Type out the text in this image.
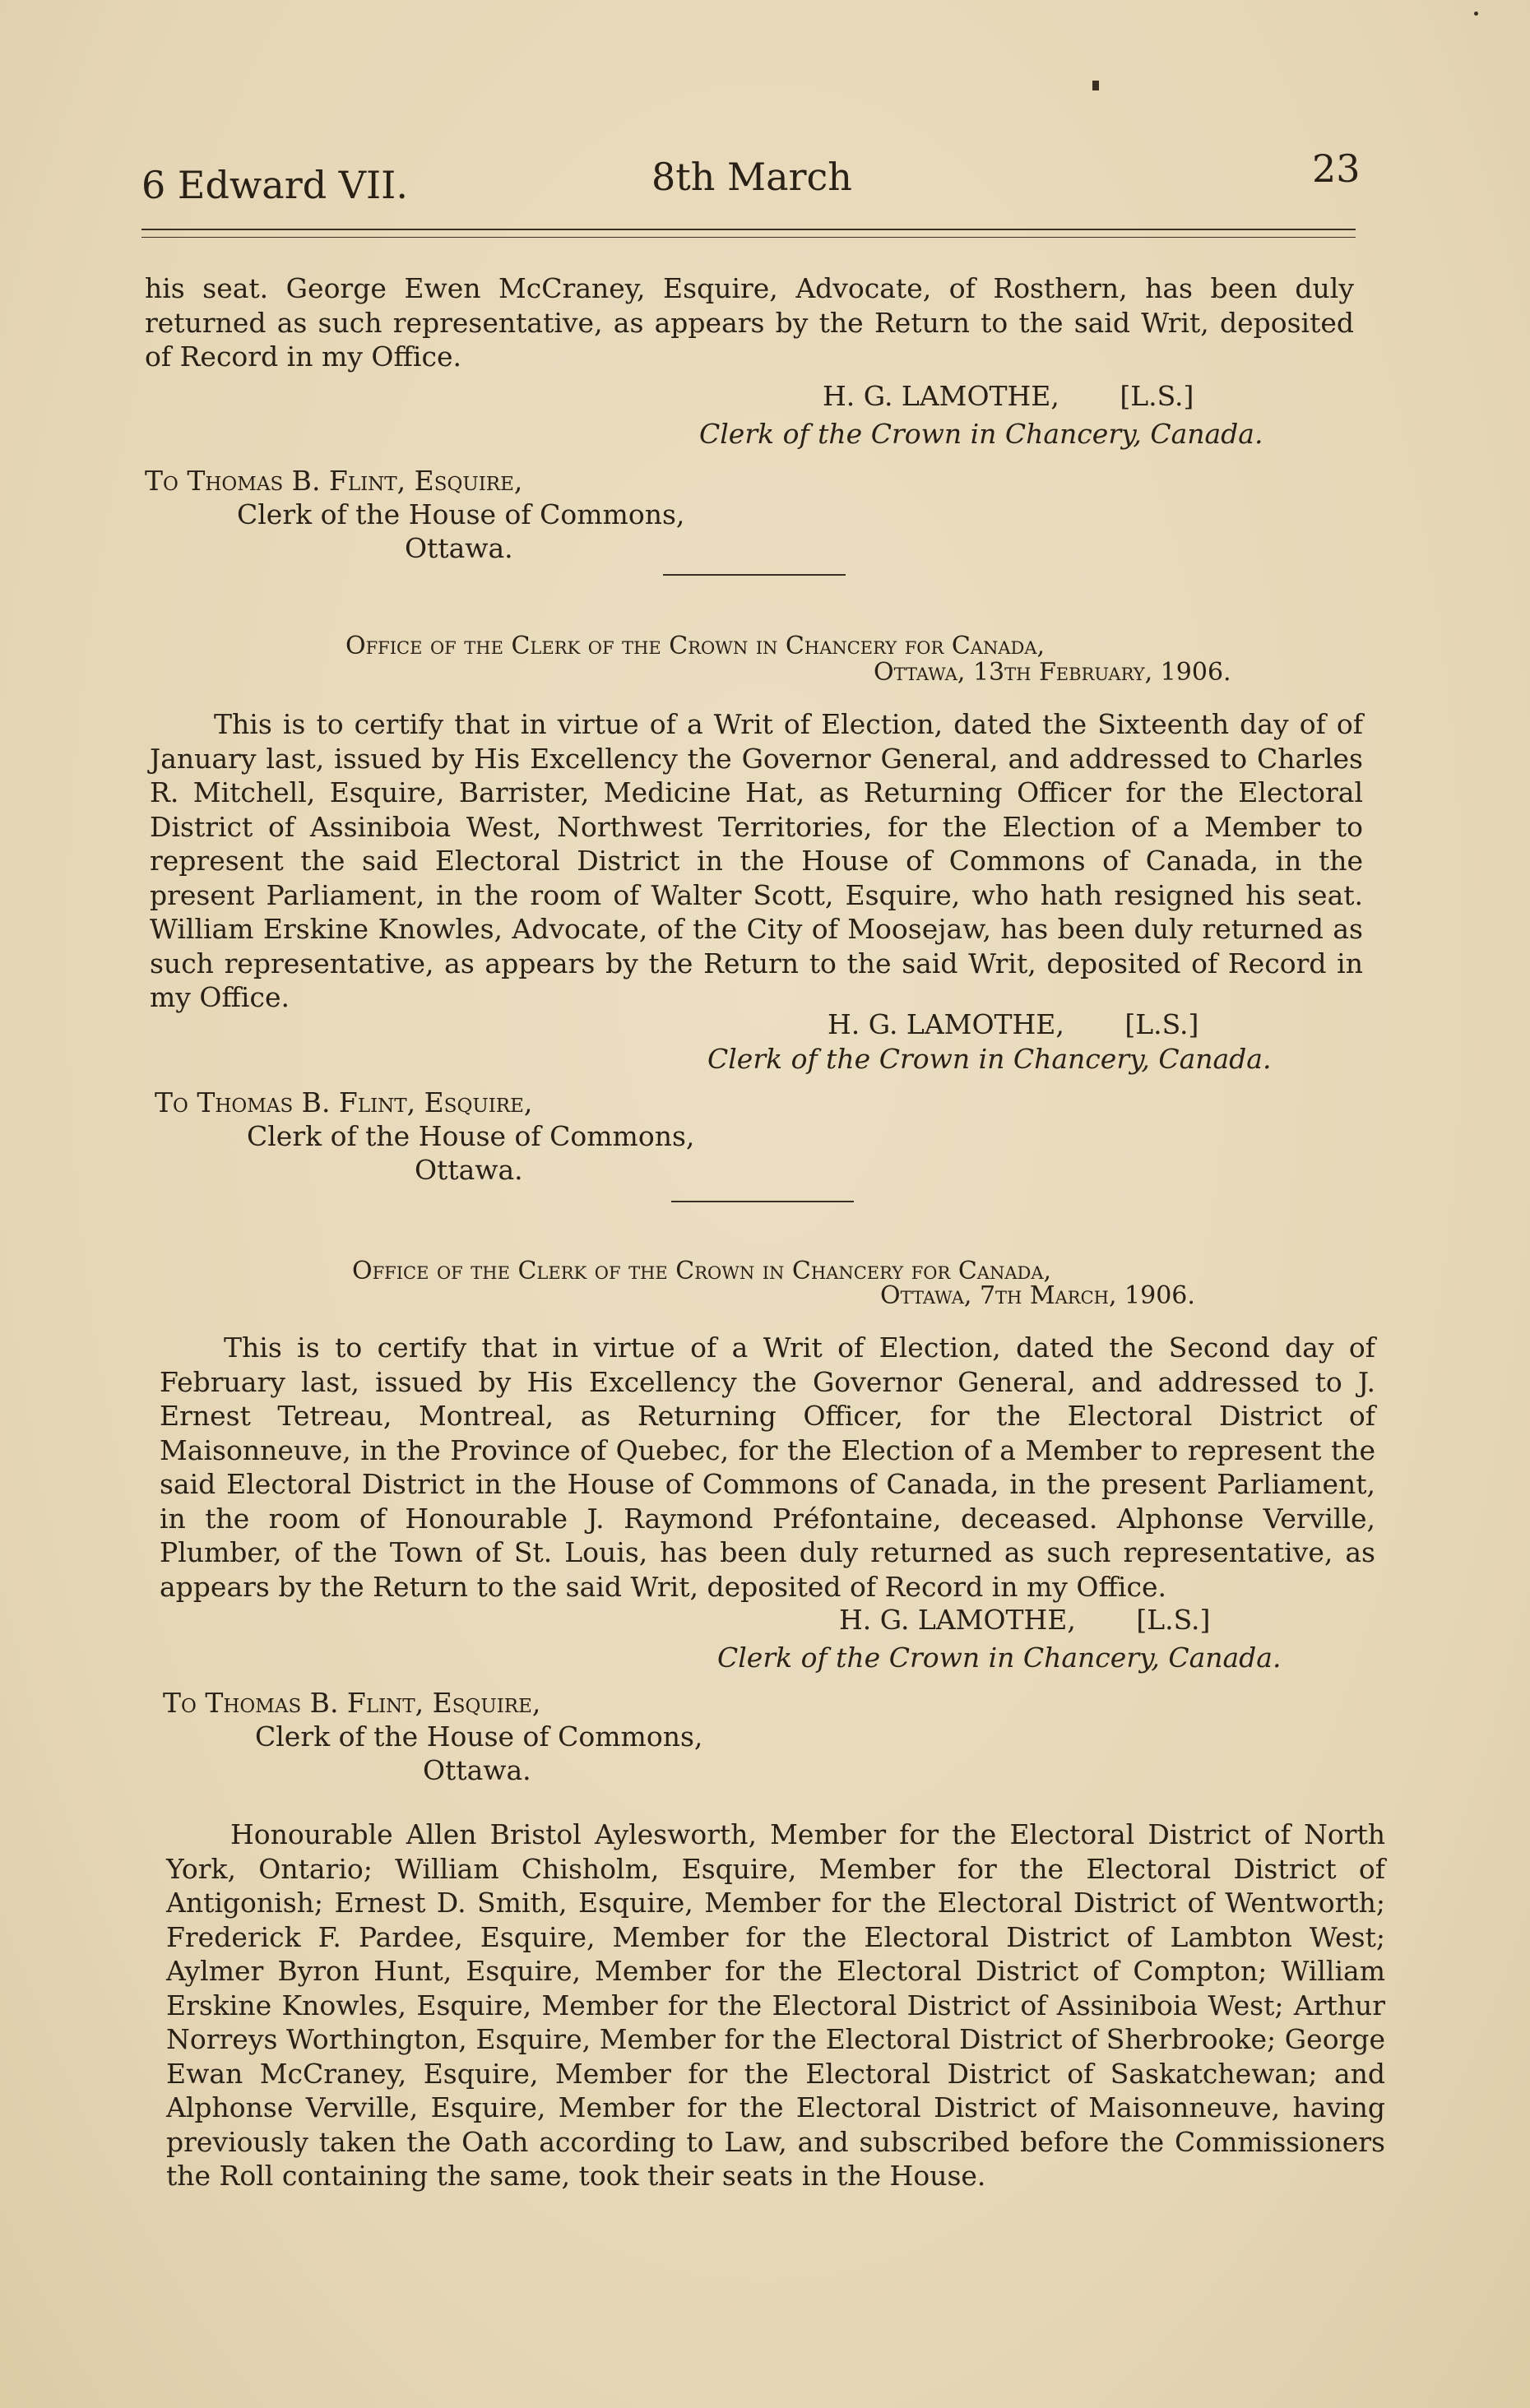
6 Edward VII.	8th March	23

his seat. George Ewen McCraney, Esquire, Advocate, of Rosthern, has been duly returned as such representative, as appears by the Return to the said Writ, deposited of Record in my Office.

H. G. LAMOTHE, [L.S.]
Clerk of the Crown in Chancery, Canada.
To Thomas B. Flint, Esquire,
Clerk of the House of Commons,
Ottawa.
Office of the Clerk of the Crown in Chancery for Canada,
Ottawa, 13th February, 1906.

This is to certify that in virtue of a Writ of Election, dated the Sixteenth day of of January last, issued by His Excellency the Governor General, and addressed to Charles R. Mitchell, Esquire, Barrister, Medicine Hat, as Returning Officer for the Electoral District of Assiniboia West, Northwest Territories, for the Election of a Member to represent the said Electoral District in the House of Commons of Canada, in the present Parliament, in the room of Walter Scott, Esquire, who hath resigned his seat. William Erskine Knowles, Advocate, of the City of Moosejaw, has been duly returned as such representative, as appears by the Return to the said Writ, deposited of Record in my Office.

H. G. LAMOTHE, [L.S.]
Clerk of the Crown in Chancery, Canada.
To Thomas B. Flint, Esquire,
Clerk of the House of Commons,
Ottawa.
Office of the Clerk of the Crown in Chancery for Canada,
Ottawa, 7th March, 1906.

This is to certify that in virtue of a Writ of Election, dated the Second day of February last, issued by His Excellency the Governor General, and addressed to J. Ernest Tetreau, Montreal, as Returning Officer, for the Electoral District of Maisonneuve, in the Province of Quebec, for the Election of a Member to represent the said Electoral District in the House of Commons of Canada, in the present Parliament, in the room of Honourable J. Raymond Préfontaine, deceased. Alphonse Verville, Plumber, of the Town of St. Louis, has been duly returned as such representative, as appears by the Return to the said Writ, deposited of Record in my Office.

H. G. LAMOTHE, [L.S.]
Clerk of the Crown in Chancery, Canada.
To Thomas B. Flint, Esquire,
Clerk of the House of Commons,
Ottawa.

Honourable Allen Bristol Aylesworth, Member for the Electoral District of North York, Ontario; William Chisholm, Esquire, Member for the Electoral District of Antigonish; Ernest D. Smith, Esquire, Member for the Electoral District of Wentworth; Frederick F. Pardee, Esquire, Member for the Electoral District of Lambton West; Aylmer Byron Hunt, Esquire, Member for the Electoral District of Compton; William Erskine Knowles, Esquire, Member for the Electoral District of Assiniboia West; Arthur Norreys Worthington, Esquire, Member for the Electoral District of Sherbrooke; George Ewan McCraney, Esquire, Member for the Electoral District of Saskatchewan; and Alphonse Verville, Esquire, Member for the Electoral District of Maisonneuve, having previously taken the Oath according to Law, and subscribed before the Commissioners the Roll containing the same, took their seats in the House.
